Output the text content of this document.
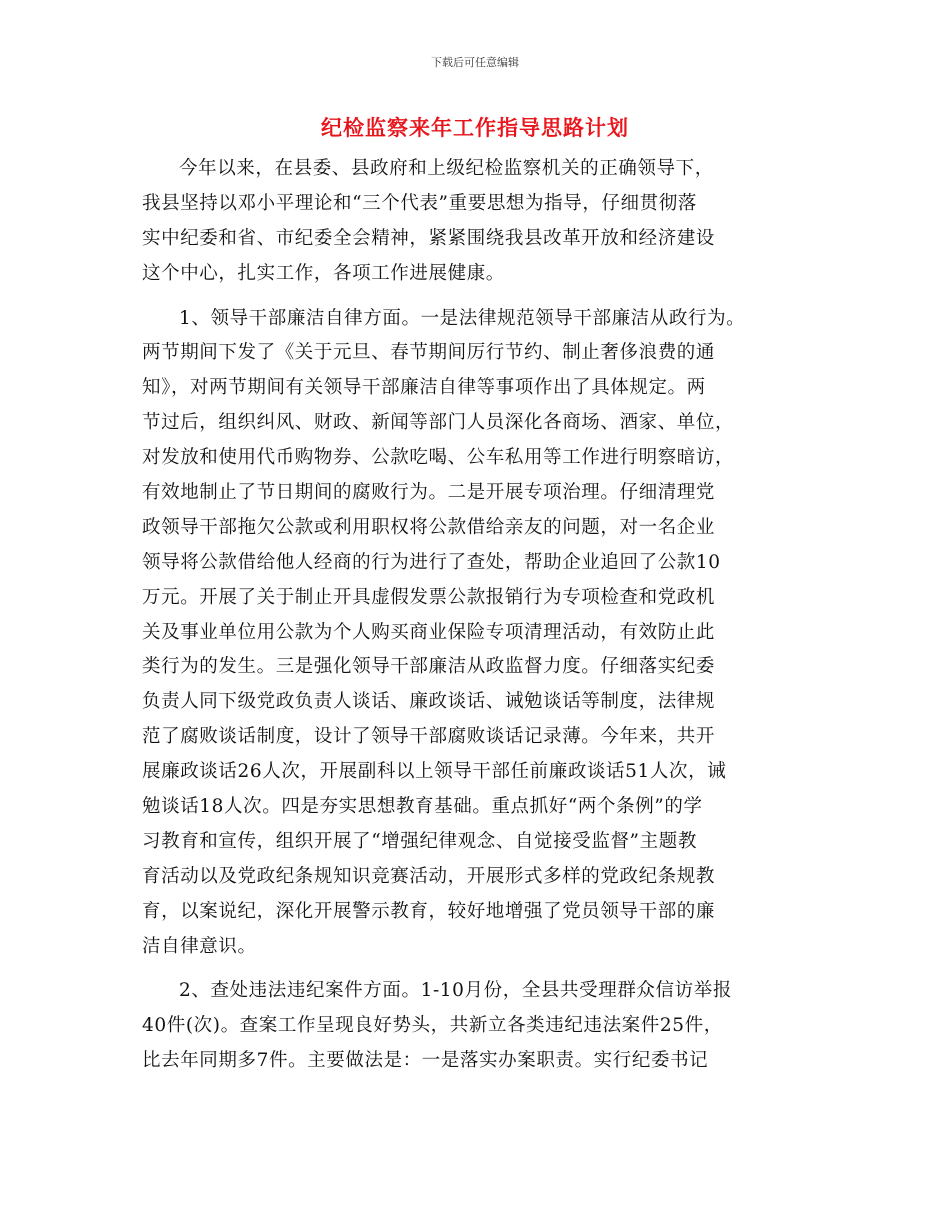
下载后可任意编辑
纪检监察来年工作指导思路计划
今年以来，在县委、县政府和上级纪检监察机关的正确领导下，
我县坚持以邓小平理论和“三个代表”重要思想为指导，仔细贯彻落
实中纪委和省、市纪委全会精神，紧紧围绕我县改革开放和经济建设
这个中心，扎实工作，各项工作进展健康。
1、领导干部廉洁自律方面。一是法律规范领导干部廉洁从政行为。
两节期间下发了《关于元旦、春节期间厉行节约、制止奢侈浪费的通
知》，对两节期间有关领导干部廉洁自律等事项作出了具体规定。两
节过后，组织纠风、财政、新闻等部门人员深化各商场、酒家、单位，
对发放和使用代币购物券、公款吃喝、公车私用等工作进行明察暗访，
有效地制止了节日期间的腐败行为。二是开展专项治理。仔细清理党
政领导干部拖欠公款或利用职权将公款借给亲友的问题，对一名企业
领导将公款借给他人经商的行为进行了查处，帮助企业追回了公款10
万元。开展了关于制止开具虚假发票公款报销行为专项检查和党政机
关及事业单位用公款为个人购买商业保险专项清理活动，有效防止此
类行为的发生。三是强化领导干部廉洁从政监督力度。仔细落实纪委
负责人同下级党政负责人谈话、廉政谈话、诫勉谈话等制度，法律规
范了腐败谈话制度，设计了领导干部腐败谈话记录薄。今年来，共开
展廉政谈话26人次，开展副科以上领导干部任前廉政谈话51人次，诫
勉谈话18人次。四是夯实思想教育基础。重点抓好“两个条例”的学
习教育和宣传，组织开展了“增强纪律观念、自觉接受监督”主题教
育活动以及党政纪条规知识竞赛活动，开展形式多样的党政纪条规教
育，以案说纪，深化开展警示教育，较好地增强了党员领导干部的廉
洁自律意识。
2、查处违法违纪案件方面。1-10月份，全县共受理群众信访举报
40件(次)。查案工作呈现良好势头，共新立各类违纪违法案件25件，
比去年同期多7件。主要做法是：一是落实办案职责。实行纪委书记
